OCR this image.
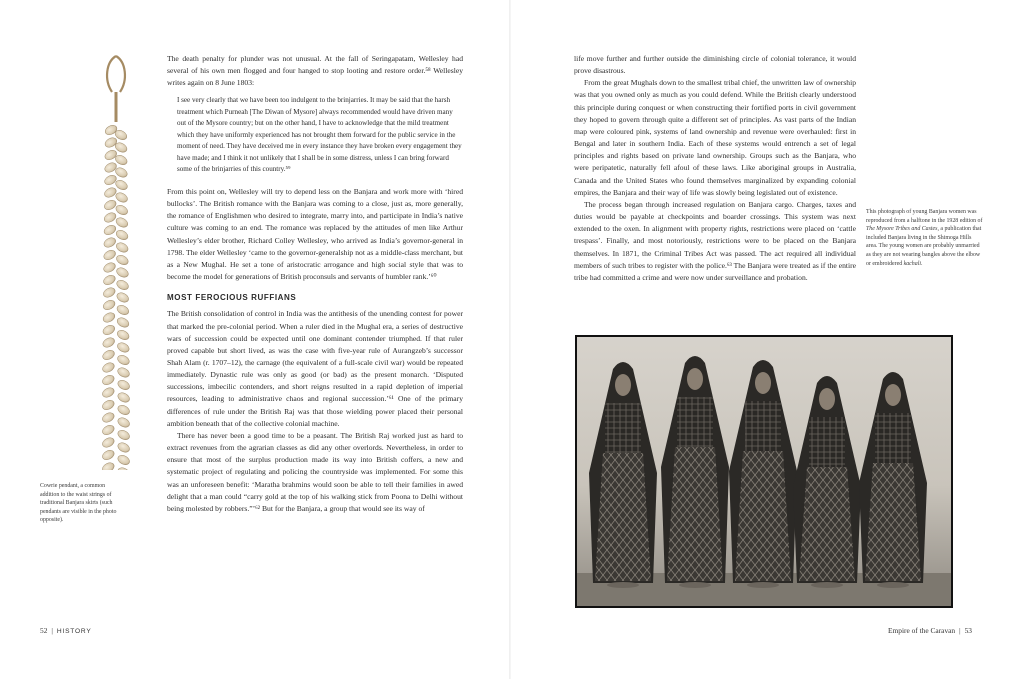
Cowrie pendant, a common addition to the waist strings of traditional Banjara skirts (such pendants are visible in the photo opposite).

The death penalty for plunder was not unusual. At the fall of Seringapatam, Wellesley had several of his own men flogged and four hanged to stop looting and restore order.⁵⁸ Wellesley writes again on 8 June 1803:

I see very clearly that we have been too indulgent to the brinjarries. It may be said that the harsh treatment which Purneah [The Diwan of Mysore] always recommended would have driven many out of the Mysore country; but on the other hand, I have to acknowledge that the mild treatment which they have uniformly experienced has not brought them forward for the public service in the moment of need. They have deceived me in every instance they have broken every engagement they have made; and I think it not unlikely that I shall be in some distress, unless I can bring forward some of the brinjarries of this country.⁵⁹

From this point on, Wellesley will try to depend less on the Banjara and work more with ‘hired bullocks’. The British romance with the Banjara was coming to a close, just as, more generally, the romance of Englishmen who desired to integrate, marry into, and participate in India’s native culture was coming to an end. The romance was replaced by the attitudes of men like Arthur Wellesley’s elder brother, Richard Colley Wellesley, who arrived as India’s governor-general in 1798. The elder Wellesley ‘came to the governor-generalship not as a middle-class merchant, but as a New Mughal. He set a tone of aristocratic arrogance and high social style that was to become the model for generations of British proconsuls and servants of humbler rank.’⁶⁰

MOST FEROCIOUS RUFFIANS

The British consolidation of control in India was the antithesis of the unending contest for power that marked the pre-colonial period. When a ruler died in the Mughal era, a series of destructive wars of succession could be expected until one dominant contender triumphed. If that ruler proved capable but short lived, as was the case with five-year rule of Aurangzeb’s successor Shah Alam (r. 1707–12), the carnage (the equivalent of a full-scale civil war) would be repeated immediately. Dynastic rule was only as good (or bad) as the present monarch. ‘Disputed successions, imbecilic contenders, and short reigns resulted in a rapid depletion of imperial resources, leading to administrative chaos and regional succession.’⁶¹ One of the primary differences of rule under the British Raj was that those wielding power placed their personal ambition beneath that of the collective colonial machine.

There has never been a good time to be a peasant. The British Raj worked just as hard to extract revenues from the agrarian classes as did any other overlords. Nevertheless, in order to ensure that most of the surplus production made its way into British coffers, a new and systematic project of regulating and policing the countryside was implemented. For some this was an unforeseen benefit: ‘Maratha brahmins would soon be able to tell their families in awed delight that a man could “carry gold at the top of his walking stick from Poona to Delhi without being molested by robbers.”’⁶² But for the Banjara, a group that would see its way of

52 | HISTORY

life move further and further outside the diminishing circle of colonial tolerance, it would prove disastrous.

From the great Mughals down to the smallest tribal chief, the unwritten law of ownership was that you owned only as much as you could defend. While the British clearly understood this principle during conquest or when constructing their fortified ports in civil government they hoped to govern through quite a different set of principles. As vast parts of the Indian map were coloured pink, systems of land ownership and revenue were overhauled: first in Bengal and later in southern India. Each of these systems would entrench a set of legal principles and rights based on private land ownership. Groups such as the Banjara, who were peripatetic, naturally fell afoul of these laws. Like aboriginal groups in Australia, Canada and the United States who found themselves marginalized by expanding colonial empires, the Banjara and their way of life was slowly being legislated out of existence.

The process began through increased regulation on Banjara cargo. Charges, taxes and duties would be payable at checkpoints and boarder crossings. This system was next extended to the oxen. In alignment with property rights, restrictions were placed on ‘cattle trespass’. Finally, and most notoriously, restrictions were to be placed on the Banjara themselves. In 1871, the Criminal Tribes Act was passed. The act required all individual members of such tribes to register with the police.⁶³ The Banjara were treated as if the entire tribe had committed a crime and were now under surveillance and probation.

This photograph of young Banjara women was reproduced from a halftone in the 1928 edition of The Mysore Tribes and Castes, a publication that included Banjara living in the Shimoga Hills area. The young women are probably unmarried as they are not wearing bangles above the elbow or embroidered kachali.
Empire of the Caravan | 53
